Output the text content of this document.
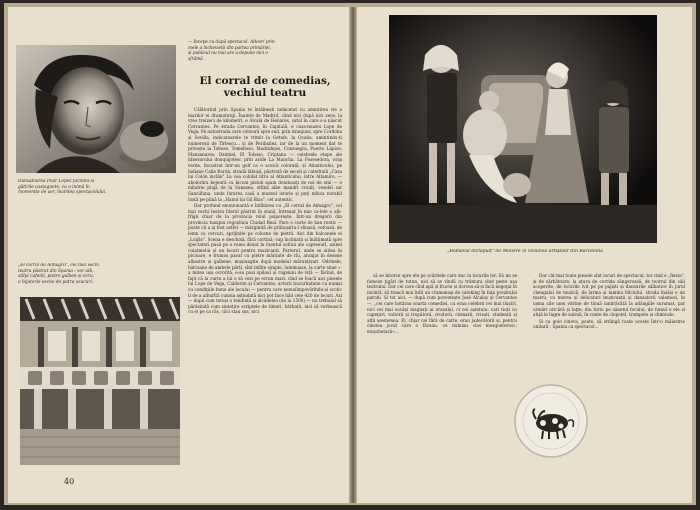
Dansatoarea Pilar Lopez facindu-si
gătirile castagnete, cu o inimă în
momentle de aer, înaintea spectacolului.
„El corral de Almagro", cel mai vechi
teatru păstrat din Spania : vor alb,
stîlpi cafenii, pietre galben și ocru,
o bijuterie veche de patru veacuri.
— Începe cu după spectacol. Alteori prin-
mele a închevieții din partea primăriei,
și publicul nu mai are a depune nici o
sfrămă.
El corral de comedias,
vechiul teatru

Călătorind prin Spania te întâlnești neîncetat cu amintirea vie a marilor ei dramaturgi. Înainte de Madrid, când nici după nici zece, la vreo treizeci de kilometri, e Alcalá de Henares, satul în care s-a născut Cervantes. Pe strada Cervantes, în Capitală, e casa-muzeu Lope de Vega. Pe autostrada care coboară spre sud, prin Aranjuez, spre Cordoba și Sevilla, indicatoarele te trimit la Getafe, la Ocaña, amintindu-ți numeroșii de Tîrlescu... și de Peribañez, iar de la un moment dat te privește la Toboso, Tomelloso, Madridejos, Consuegra, Puerto Lápice, Manzanares, Daimiel, El Toboso, Criptana — celebrele etape ale itinerarului donquijotesc prin aride La Mancha. La Posesedora, oraș verde, încastrat într-un golf ca o scoică colorată, și Atlanticului, pe îndiane Calle Barón, stradă lăbușă, păstrată de secoli și catedrală „Casa lui Colón inclăn" La cea cobilat litru al Atlanticului, intre Altamiro, — abolorăra bejeură cu biconi pistoli aşam dondoasţi de noi de omi — o mîndrie plajă de la Sunseea. stîlnă albe mandri cruulț, veseleî sat Sancilluna, unde furarea casă a muzeul istorie și poți mînca norabil înștă pe plină la „Hanul lui Gil Blas", cel autentic.

Dar profund emoționantă e întîlnirea cu „El corral de Almagro", cel mai vechi teatru literal păstrat în stană, întreaut în mie ca-lele o alb-frîgii chiar de la provincia rolul psiporește. Într-un dregorii din provincia tusupiu regoziluia Ciudad Real. Pare o curte de ban rustic — poate că a și fost astfel — mărginită de prăbușiriu-l sfioasă, cefoasă, de lemn cu cercuri, sprijinite pe colosne de pietră. Aici din balconele ei „Loijăs". Scena e deschisă, fără cortină; vag înclinată și înălțimată spre spectatori pusă pe o reiea deuat în fuentul soltuii ale capreeurî, azinel cuiatmelui și un locuri pentru muzicanți. Parterul, unde se aiitea în picioare, e frumos pavat cu pietre mărunte de rîu, aranjat în desene albastre și galbene, mușiungite după modelul mărunțișuri. Odrinele, balcoane de ambele părți, sînt infăte simple, luminoase, la curte sinei «-a mitea ușa ocrotită, e-au pusi spilauî și rugsiuni de viță — făcînd, de fapt că la curte a lui o să vezi pe ecran mari: cînd se foacă aici piesele lui Lope de Vega, Calderón și Cervantes, actorii bucurîndune cu numai cu condiţiile bune ale locului — pentru care nemaiîmpovărîndu-și scotic ti de a alburîtă cunoia aștiudată nici pot face băil cele 420 de locuri. Azi — după cum totuși o tendință și alcădelea (de la 1500) — nu trebuiuî să părăsindă cum sintețire scriptele de timeri, bărbații, nici să vorbească cu ei pe ca râs, căci stau sus, nici

40
„Bolnavul închipuit" de Molière în viziunea artiștilor din Barcelona

să se întorce spre ele pe scăritele care duc la locurile lor. Să nu se fumeze ţigări de tutun, nici să se vîndă cu trâmura cînd peste ușa teatrului. Dar cei care cînd apă și fructe și dorvea să-și facă negoţul în incintă, să treacă mai întîi un cramenaşi de cateking în fața prezitului parohi. Și tot aici, — după cum povestește José Alcalay și Cervantes —, „cei care hotărau soarta comediei, cu erau celebrii cei mai iluștri, nici cei mai sucăși magnați ai orașului, ci cei așintuiu: cari tiuți cu capeţuri, voitorii și tropătorii, croitorii, cismarii, criești, studenții și alții asemenea. Ei, chiar cei fără de carte, erau judecătorii și, pentru cinstea jocul care o făceau, ce numiau «los mosqueteros», mușchetarii»...

Dar cât mai toate piesele sînt locuri de spectacul, tot cind e „fiesta", și de sărbătoare, la ațura de corrida sângeroasă, de teatrul din săli acoperite, de locurile ivit pe pe pajiști și dansurile sălbatice în jurul cheugului de muzică, de larma și lumina bîlciului, strada însăși e un teatru, cu mereu și delicaturi muzicanții și dansatorii valemosi, în ușma cile unei vitrine de tinuă ianbrăcătă la adăugiile surumat, par urmări oricără și laţte; diu furiu pe sănetul focului, de fumul e ele si atiţă le îngre de suirnă, în cunte de clopoțel, trompete și chimvale.

Și cu goio cineva, poate, să strângă toate aceste într-o măiestrie unitară : Spania ca spectacol...
